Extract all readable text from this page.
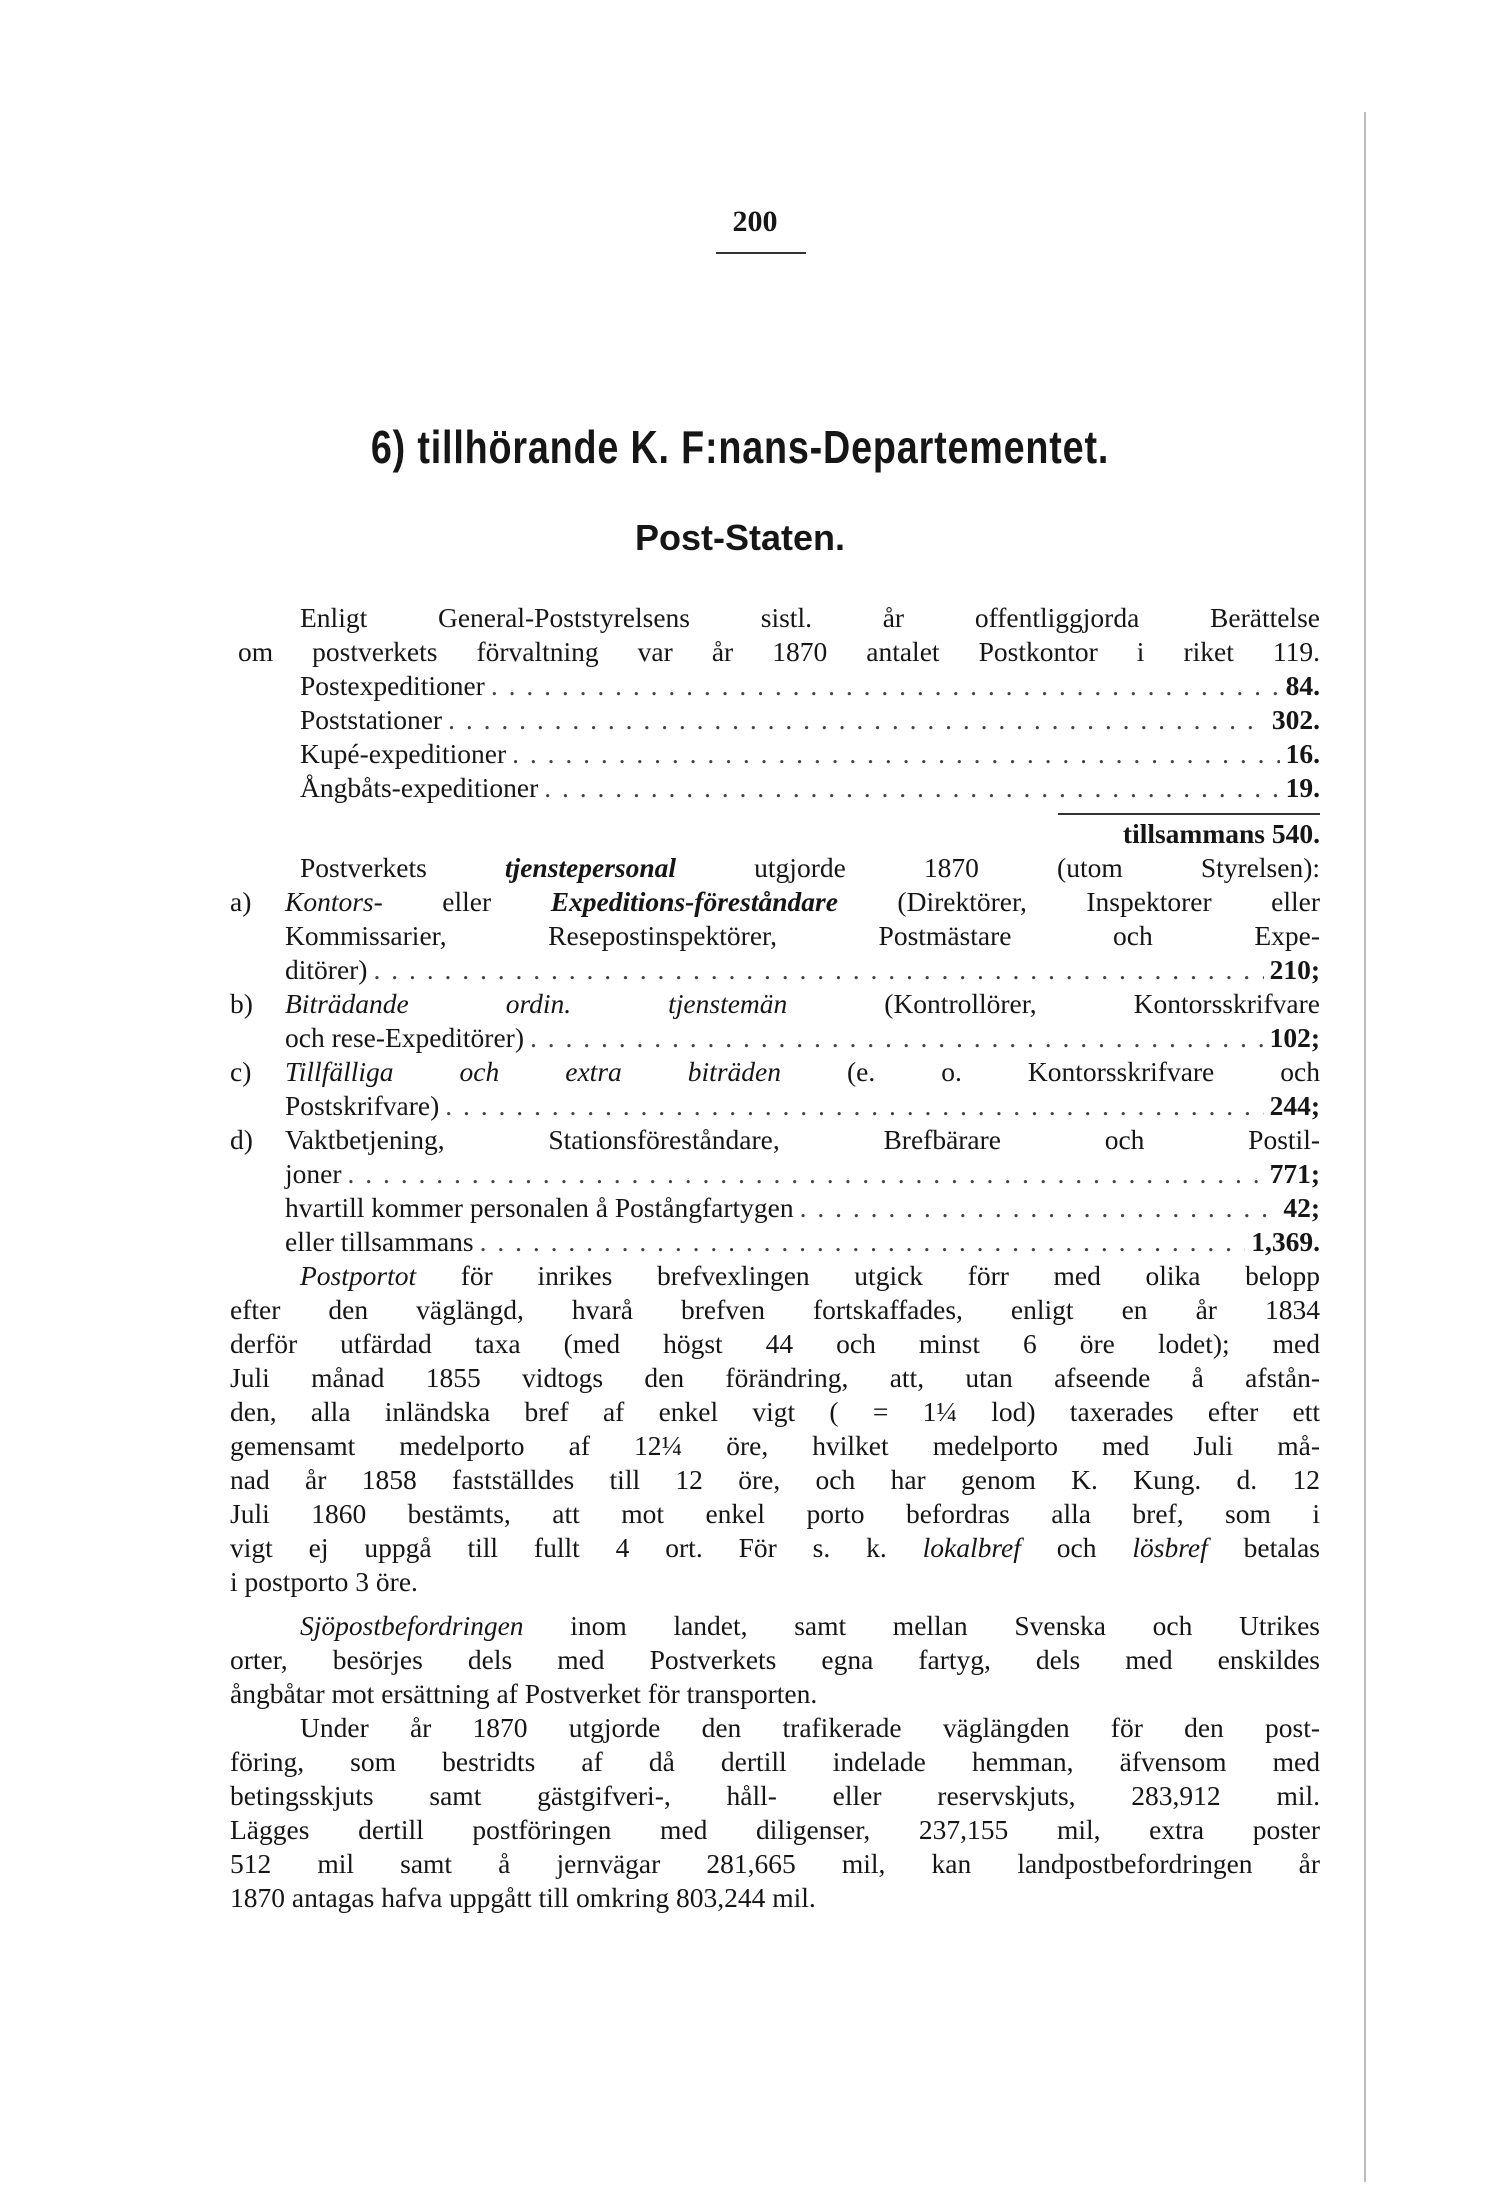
200
6) tillhörande K. F:nans-Departementet.
Post-Staten.
Enligt General-Poststyrelsens sistl. år offentliggjorda Berättelse
om postverkets förvaltning var år 1870 antalet Postkontor i riket 119.
Postexpeditioner . . .	84.
Poststationer . . .	302.
Kupé-expeditioner . . .	16.
Ångbåts-expeditioner . . .	19.
tillsammans 540.
Postverkets tjenstepersonal utgjorde 1870 (utom Styrelsen):
a) Kontors- eller Expeditions-föreståndare (Direktörer, Inspektorer eller
Kommissarier, Resepostinspektörer, Postmästare och Expe-
ditörer) . . .	210;
b) Biträdande ordin. tjenstemän (Kontrollörer, Kontorsskrifvare
och rese-Expeditörer) . . .	102;
c) Tillfälliga och extra biträden (e. o. Kontorsskrifvare och
Postskrifvare) . . .	244;
d) Vaktbetjening, Stationsföreståndare, Brefbärare och Postil-
joner . . .	771;
hvartill kommer personalen å Postångfartygen . . .	42;
eller tillsammans . . .	1,369.
Postportot för inrikes brefvexlingen utgick förr med olika belopp
efter den väglängd, hvarå brefven fortskaffades, enligt en år 1834
derför utfärdad taxa (med högst 44 och minst 6 öre lodet); med
Juli månad 1855 vidtogs den förändring, att, utan afseende å afstån-
den, alla inländska bref af enkel vigt ( = 1¼ lod) taxerades efter ett
gemensamt medelporto af 12¼ öre, hvilket medelporto med Juli må-
nad år 1858 fastställdes till 12 öre, och har genom K. Kung. d. 12
Juli 1860 bestämts, att mot enkel porto befordras alla bref, som i
vigt ej uppgå till fullt 4 ort. För s. k. lokalbref och lösbref betalas
i postporto 3 öre.
Sjöpostbefordringen inom landet, samt mellan Svenska och Utrikes
orter, besörjes dels med Postverkets egna fartyg, dels med enskildes
ångbåtar mot ersättning af Postverket för transporten.
Under år 1870 utgjorde den trafikerade väglängden för den post-
föring, som bestridts af då dertill indelade hemman, äfvensom med
betingsskjuts samt gästgifveri-, håll- eller reservskjuts, 283,912 mil.
Lägges dertill postföringen med diligenser, 237,155 mil, extra poster
512 mil samt å jernvägar 281,665 mil, kan landpostbefordringen år
1870 antagas hafva uppgått till omkring 803,244 mil.
